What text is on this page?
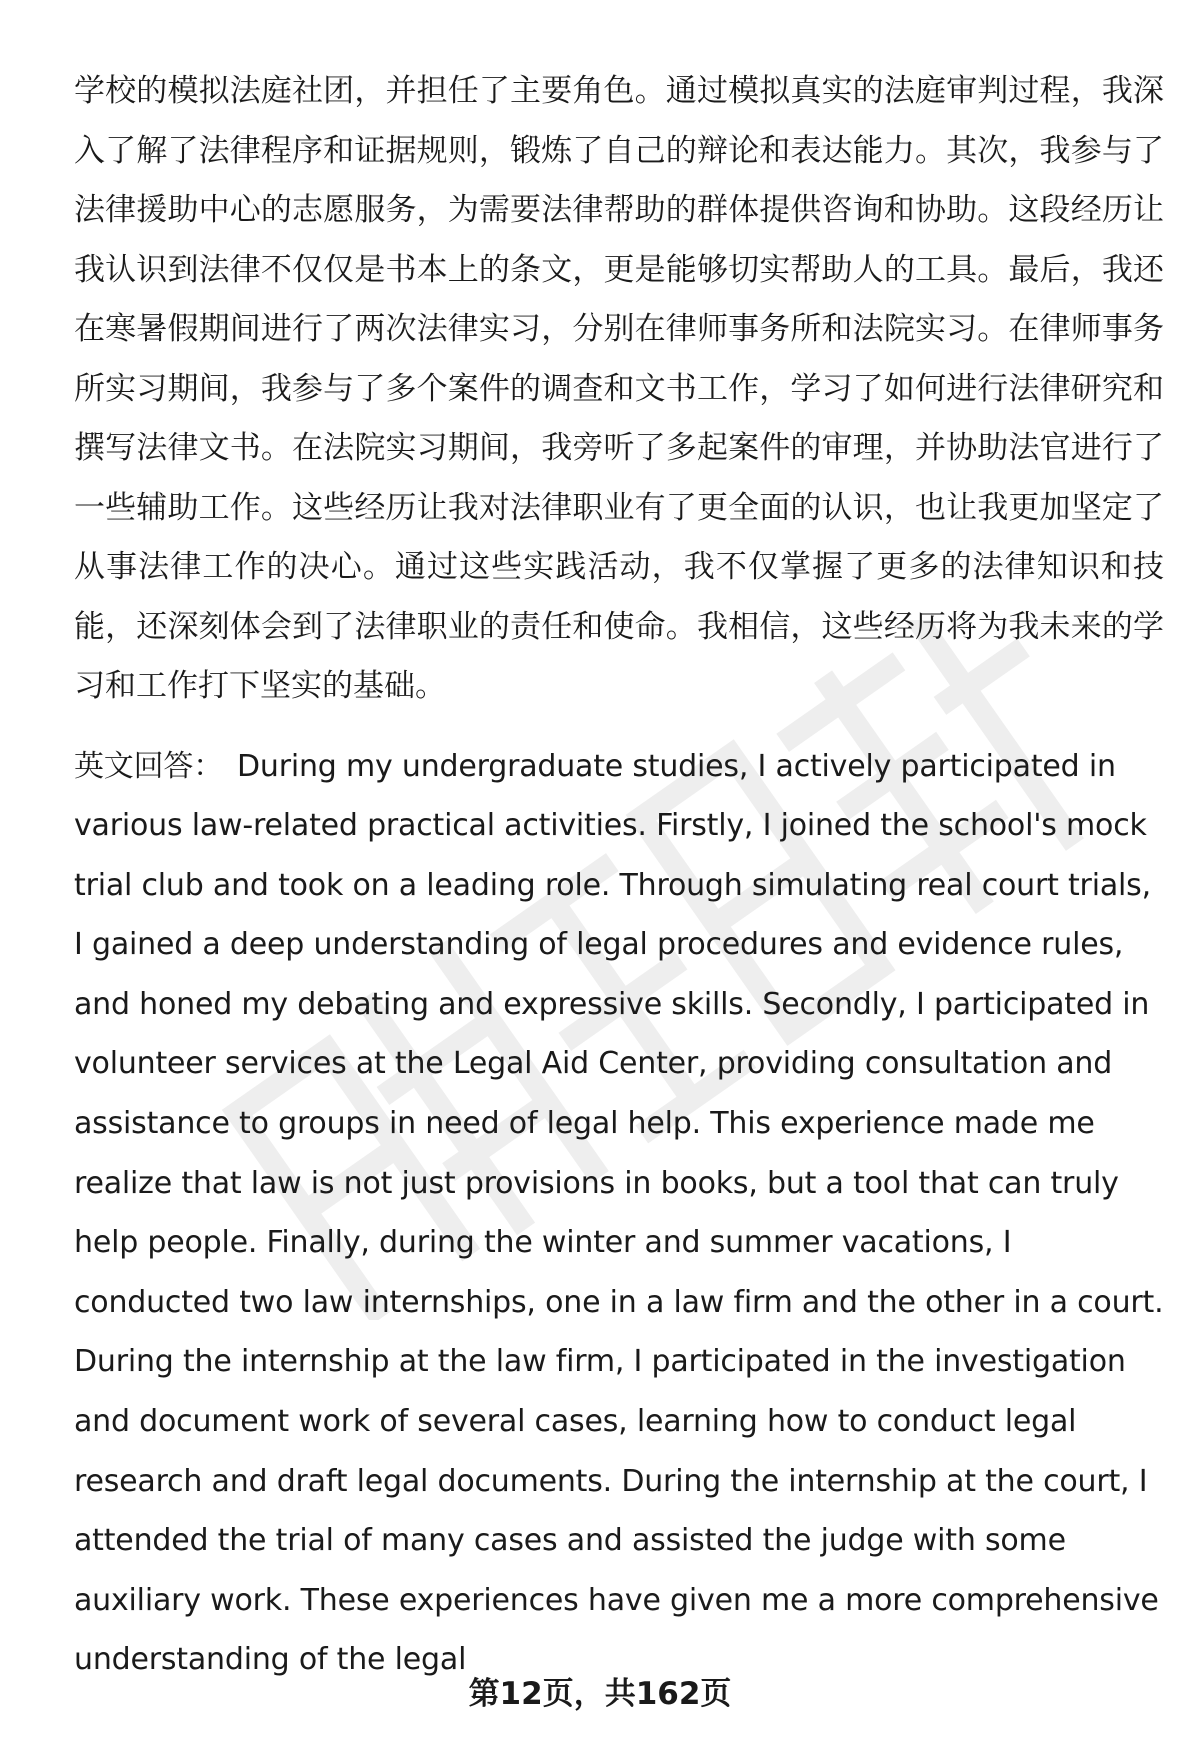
学校的模拟法庭社团，并担任了主要角色。通过模拟真实的法庭审判过程，我深入了解了法律程序和证据规则，锻炼了自己的辩论和表达能力。其次，我参与了法律援助中心的志愿服务，为需要法律帮助的群体提供咨询和协助。这段经历让我认识到法律不仅仅是书本上的条文，更是能够切实帮助人的工具。最后，我还在寒暑假期间进行了两次法律实习，分别在律师事务所和法院实习。在律师事务所实习期间，我参与了多个案件的调查和文书工作，学习了如何进行法律研究和撰写法律文书。在法院实习期间，我旁听了多起案件的审理，并协助法官进行了一些辅助工作。这些经历让我对法律职业有了更全面的认识，也让我更加坚定了从事法律工作的决心。通过这些实践活动，我不仅掌握了更多的法律知识和技能，还深刻体会到了法律职业的责任和使命。我相信，这些经历将为我未来的学习和工作打下坚实的基础。

英文回答： During my undergraduate studies, I actively participated in various law-related practical activities. Firstly, I joined the school's mock trial club and took on a leading role. Through simulating real court trials, I gained a deep understanding of legal procedures and evidence rules, and honed my debating and expressive skills. Secondly, I participated in volunteer services at the Legal Aid Center, providing consultation and assistance to groups in need of legal help. This experience made me realize that law is not just provisions in books, but a tool that can truly help people. Finally, during the winter and summer vacations, I conducted two law internships, one in a law firm and the other in a court. During the internship at the law firm, I participated in the investigation and document work of several cases, learning how to conduct legal research and draft legal documents. During the internship at the court, I attended the trial of many cases and assisted the judge with some auxiliary work. These experiences have given me a more comprehensive understanding of the legal

第12页，共162页
